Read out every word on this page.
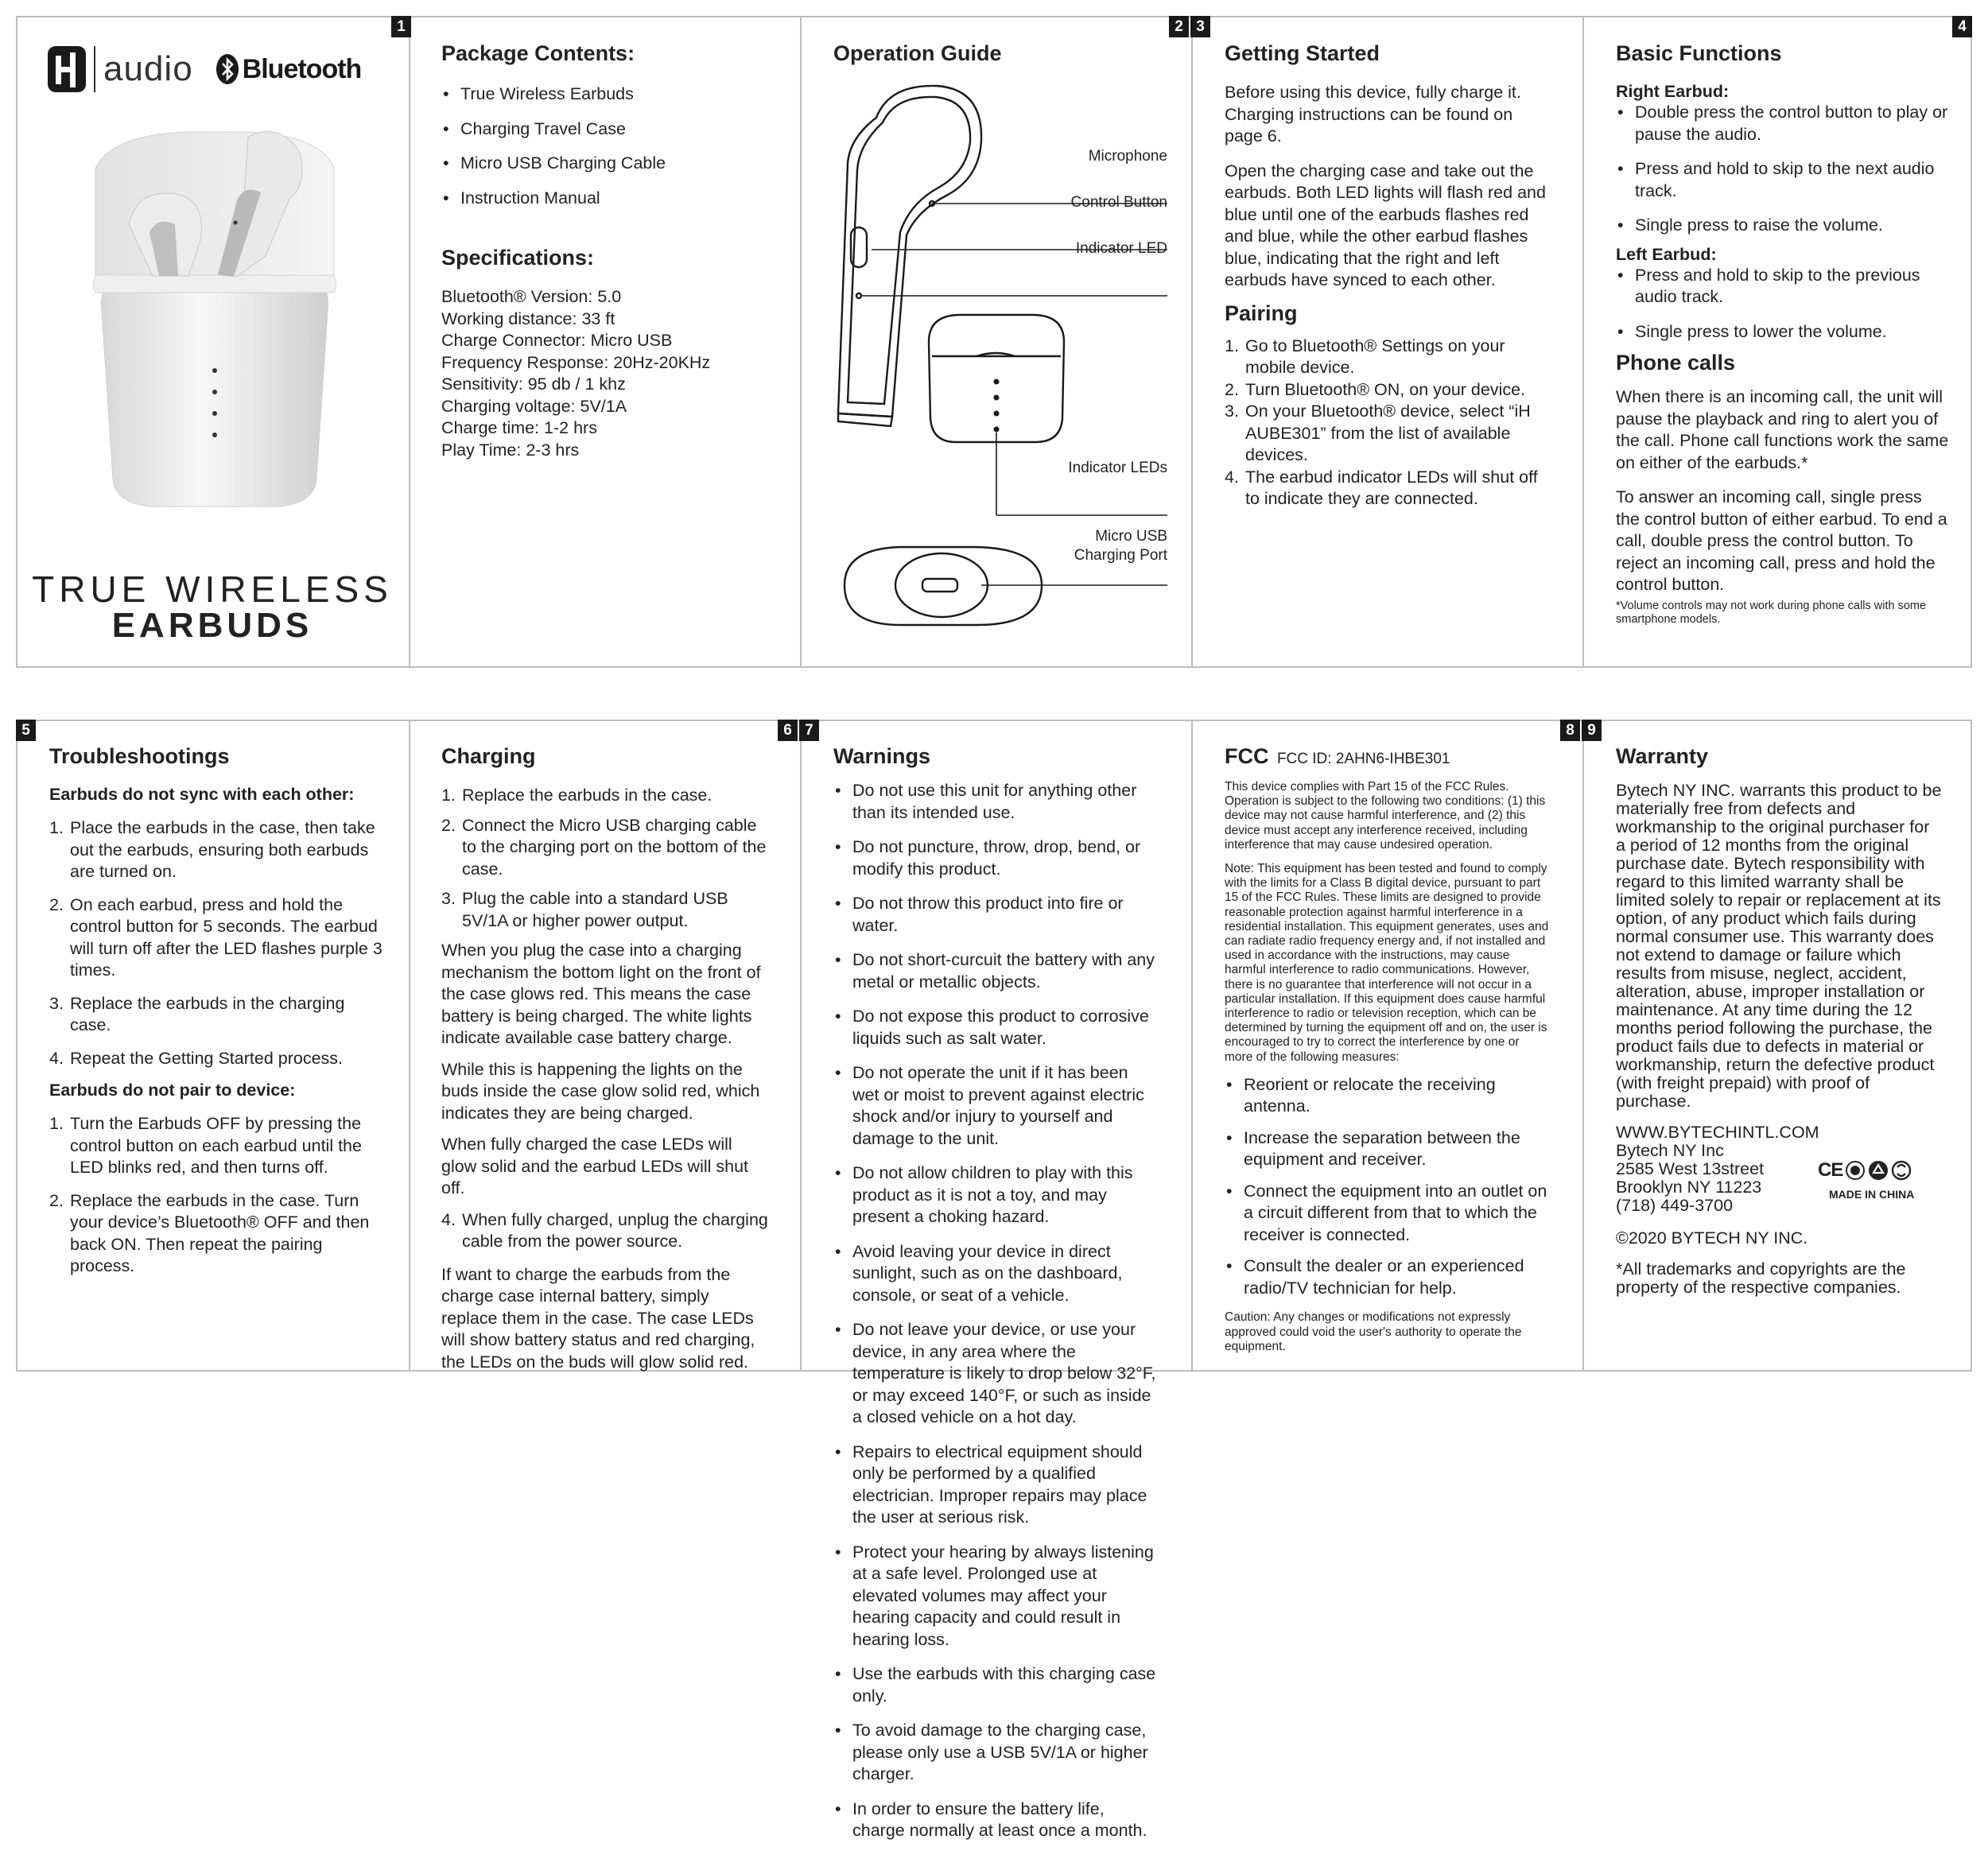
1	2 3	4
audio Bluetooth
TRUE WIRELESS
EARBUDS
Package Contents:
• True Wireless Earbuds
• Charging Travel Case
• Micro USB Charging Cable
• Instruction Manual
Specifications:
Bluetooth® Version: 5.0
Working distance: 33 ft
Charge Connector: Micro USB
Frequency Response: 20Hz-20KHz
Sensitivity: 95 db / 1 khz
Charging voltage: 5V/1A
Charge time: 1-2 hrs
Play Time: 2-3 hrs
Operation Guide
Microphone
Control Button
Indicator LED
Indicator LEDs
Micro USB
Charging Port
Getting Started

Before using this device, fully charge it. Charging instructions can be found on page 6.

Open the charging case and take out the earbuds. Both LED lights will flash red and blue until one of the earbuds flashes red and blue, while the other earbud flashes blue, indicating that the right and left earbuds have synced to each other.

Pairing
1. Go to Bluetooth® Settings on your mobile device.
2. Turn Bluetooth® ON, on your device.
3. On your Bluetooth® device, select “iH AUBE301” from the list of available devices.
4. The earbud indicator LEDs will shut off to indicate they are connected.
Basic Functions
Right Earbud:
• Double press the control button to play or pause the audio.
• Press and hold to skip to the next audio track.
• Single press to raise the volume.
Left Earbud:
• Press and hold to skip to the previous audio track.
• Single press to lower the volume.
Phone calls

When there is an incoming call, the unit will pause the playback and ring to alert you of the call. Phone call functions work the same on either of the earbuds.*

To answer an incoming call, single press the control button of either earbud. To end a call, double press the control button. To reject an incoming call, press and hold the control button.

*Volume controls may not work during phone calls with some smartphone models.

5	6 7	8 9
Troubleshootings
Earbuds do not sync with each other:
1. Place the earbuds in the case, then take out the earbuds, ensuring both earbuds are turned on.
2. On each earbud, press and hold the control button for 5 seconds. The earbud will turn off after the LED flashes purple 3 times.
3. Replace the earbuds in the charging case.
4. Repeat the Getting Started process.
Earbuds do not pair to device:
1. Turn the Earbuds OFF by pressing the control button on each earbud until the LED blinks red, and then turns off.
2. Replace the earbuds in the case. Turn your device’s Bluetooth® OFF and then back ON. Then repeat the pairing process.
Charging
1. Replace the earbuds in the case.
2. Connect the Micro USB charging cable to the charging port on the bottom of the case.
3. Plug the cable into a standard USB 5V/1A or higher power output.

When you plug the case into a charging mechanism the bottom light on the front of the case glows red. This means the case battery is being charged. The white lights indicate available case battery charge.

While this is happening the lights on the buds inside the case glow solid red, which indicates they are being charged.

When fully charged the case LEDs will glow solid and the earbud LEDs will shut off.

4. When fully charged, unplug the charging cable from the power source.

If want to charge the earbuds from the charge case internal battery, simply replace them in the case. The case LEDs will show battery status and red charging, the LEDs on the buds will glow solid red.

Warnings
• Do not use this unit for anything other than its intended use.
• Do not puncture, throw, drop, bend, or modify this product.
• Do not throw this product into fire or water.
• Do not short-curcuit the battery with any metal or metallic objects.
• Do not expose this product to corrosive liquids such as salt water.
• Do not operate the unit if it has been wet or moist to prevent against electric shock and/or injury to yourself and damage to the unit.
• Do not allow children to play with this product as it is not a toy, and may present a choking hazard.
• Avoid leaving your device in direct sunlight, such as on the dashboard, console, or seat of a vehicle.
• Do not leave your device, or use your device, in any area where the temperature is likely to drop below 32°F, or may exceed 140°F, or such as inside a closed vehicle on a hot day.
• Repairs to electrical equipment should only be performed by a qualified electrician. Improper repairs may place the user at serious risk.
• Protect your hearing by always listening at a safe level. Prolonged use at elevated volumes may affect your hearing capacity and could result in hearing loss.
• Use the earbuds with this charging case only.
• To avoid damage to the charging case, please only use a USB 5V/1A or higher charger.
• In order to ensure the battery life, charge normally at least once a month.
FCC FCC ID: 2AHN6-IHBE301

This device complies with Part 15 of the FCC Rules. Operation is subject to the following two conditions: (1) this device may not cause harmful interference, and (2) this device must accept any interference received, including interference that may cause undesired operation.

Note: This equipment has been tested and found to comply with the limits for a Class B digital device, pursuant to part 15 of the FCC Rules. These limits are designed to provide reasonable protection against harmful interference in a residential installation. This equipment generates, uses and can radiate radio frequency energy and, if not installed and used in accordance with the instructions, may cause harmful interference to radio communications. However, there is no guarantee that interference will not occur in a particular installation. If this equipment does cause harmful interference to radio or television reception, which can be determined by turning the equipment off and on, the user is encouraged to try to correct the interference by one or more of the following measures:

• Reorient or relocate the receiving antenna.
• Increase the separation between the equipment and receiver.
• Connect the equipment into an outlet on a circuit different from that to which the receiver is connected.
• Consult the dealer or an experienced radio/TV technician for help.

Caution: Any changes or modifications not expressly approved could void the user's authority to operate the equipment.

Warranty

Bytech NY INC. warrants this product to be materially free from defects and workmanship to the original purchaser for a period of 12 months from the original purchase date. Bytech responsibility with regard to this limited warranty shall be limited solely to repair or replacement at its option, of any product which fails during normal consumer use. This warranty does not extend to damage or failure which results from misuse, neglect, accident, alteration, abuse, improper installation or maintenance. At any time during the 12 months period following the purchase, the product fails due to defects in material or workmanship, return the defective product (with freight prepaid) with proof of purchase.

WWW.BYTECHINTL.COM
Bytech NY Inc
2585 West 13street
Brooklyn NY 11223
(718) 449-3700
CE
MADE IN CHINA

©2020 BYTECH NY INC.

*All trademarks and copyrights are the property of the respective companies.
